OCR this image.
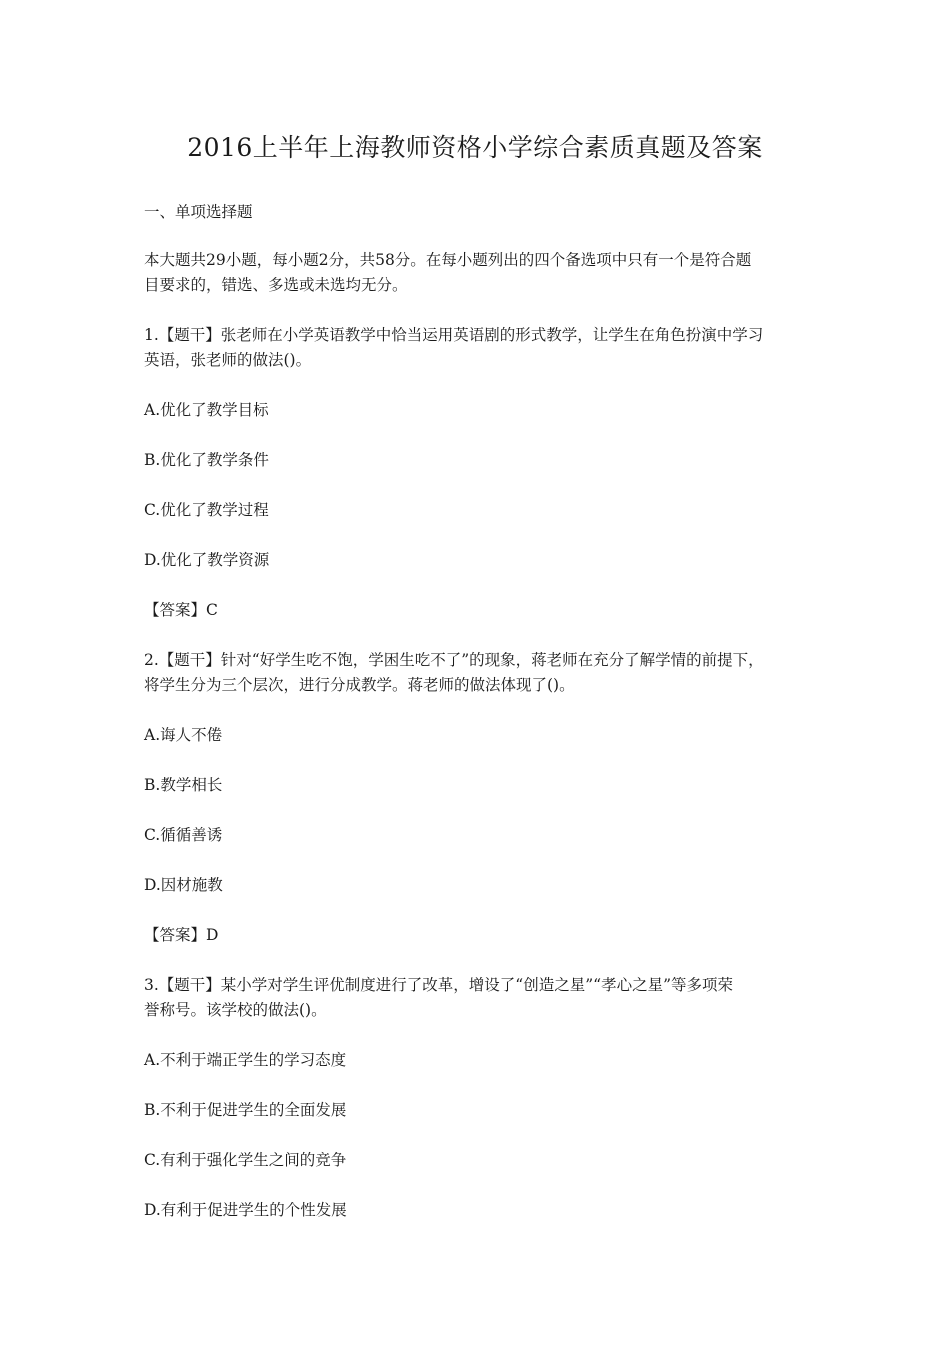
2016上半年上海教师资格小学综合素质真题及答案
一、单项选择题
本大题共29小题，每小题2分，共58分。在每小题列出的四个备选项中只有一个是符合题
目要求的，错选、多选或未选均无分。
1.【题干】张老师在小学英语教学中恰当运用英语剧的形式教学，让学生在角色扮演中学习
英语，张老师的做法()。
A.优化了教学目标
B.优化了教学条件
C.优化了教学过程
D.优化了教学资源
【答案】C
2.【题干】针对“好学生吃不饱，学困生吃不了”的现象，蒋老师在充分了解学情的前提下，
将学生分为三个层次，进行分成教学。蒋老师的做法体现了()。
A.诲人不倦
B.教学相长
C.循循善诱
D.因材施教
【答案】D
3.【题干】某小学对学生评优制度进行了改革，增设了“创造之星”“孝心之星”等多项荣
誉称号。该学校的做法()。
A.不利于端正学生的学习态度
B.不利于促进学生的全面发展
C.有利于强化学生之间的竞争
D.有利于促进学生的个性发展
